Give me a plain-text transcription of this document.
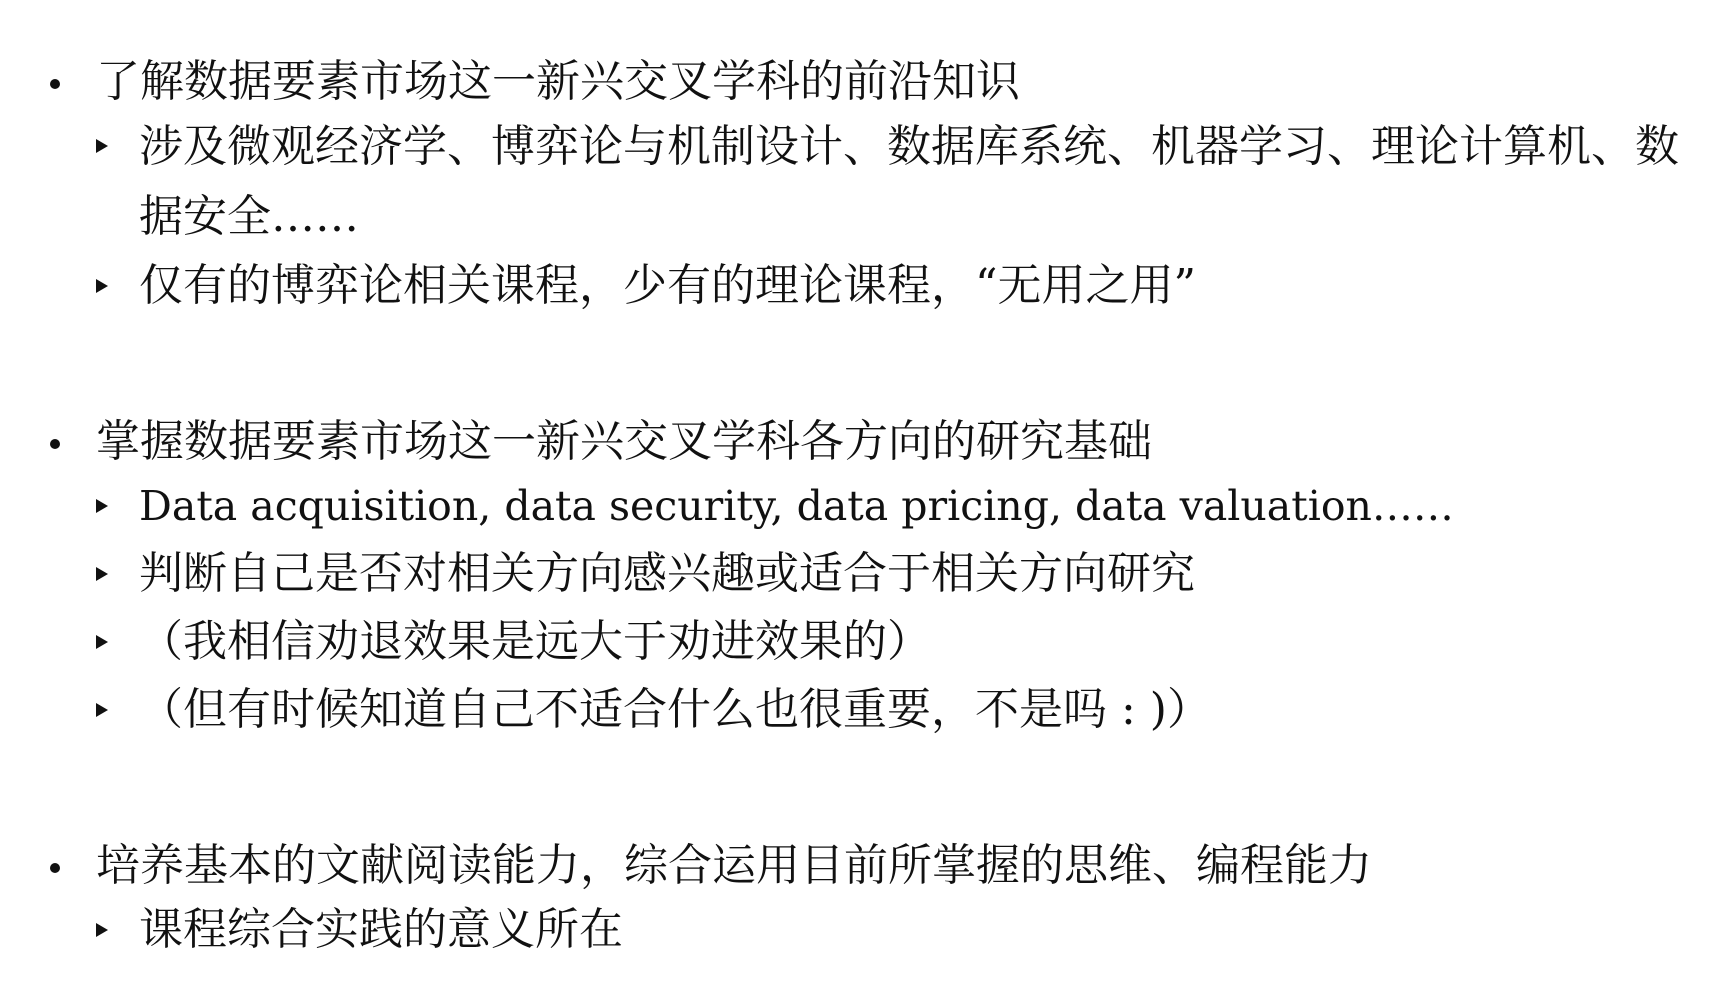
了解数据要素市场这一新兴交叉学科的前沿知识
涉及微观经济学、博弈论与机制设计、数据库系统、机器学习、理论计算机、数据安全……
仅有的博弈论相关课程，少有的理论课程，“无用之用”
掌握数据要素市场这一新兴交叉学科各方向的研究基础
Data acquisition, data security, data pricing, data valuation……
判断自己是否对相关方向感兴趣或适合于相关方向研究
（我相信劝退效果是远大于劝进效果的）
（但有时候知道自己不适合什么也很重要，不是吗 : )）
培养基本的文献阅读能力，综合运用目前所掌握的思维、编程能力
课程综合实践的意义所在
